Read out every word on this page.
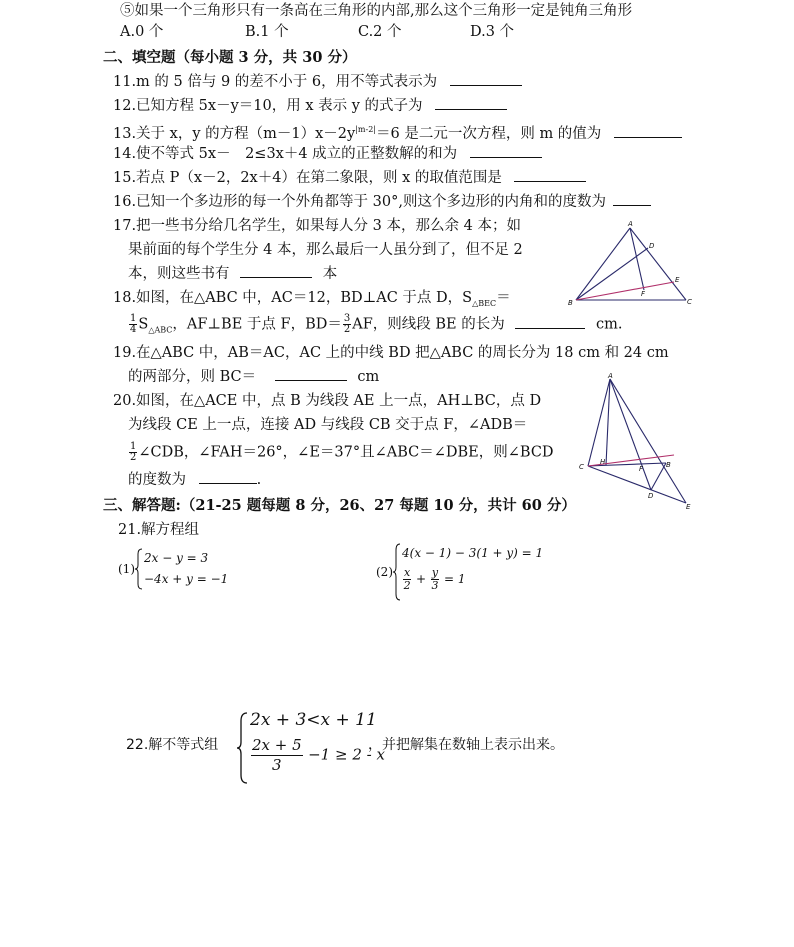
⑤如果一个三角形只有一条高在三角形的内部,那么这个三角形一定是钝角三角形
A.0 个	B.1 个	C.2 个	D.3 个
二、填空题（每小题 3 分，共 30 分）
11.m 的 5 倍与 9 的差不小于 6，用不等式表示为
12.已知方程 5x－y＝10，用 x 表示 y 的式子为
13.关于 x，y 的方程$(m-1)x-2y^{|m-2|}=6$ 是二元一次方程，则 m 的值为
14.使不等式 5x－　2≤3x＋4 成立的正整数解的和为
15.若点 P（x－2，2x＋4）在第二象限，则 x 的取值范围是
16.已知一个多边形的每一个外角都等于 30°,则这个多边形的内角和的度数为
17.把一些书分给几名学生，如果每人分 3 本，那么余 4 本；如
果前面的每个学生分 4 本，那么最后一人虽分到了，但不足 2
本，则这些书有	本
A
D
E
F
B	C
18.如图，在△ABC 中，AC＝12，BD⊥AC 于点 D，$S_{\triangle BEC}=$
$\frac{1}{4} S_{\triangle ABC}$，AF⊥BE 于点 F，$BD= \frac{3}{2}$ AF，则线段 BE 的长为	cm.
19.在△ABC 中，AB＝AC，AC 上的中线 BD 把△ABC 的周长分为 18 cm 和 24 cm
的两部分，则 BC＝	cm
20.如图，在△ACE 中，点 B 为线段 AE 上一点，AH⊥BC，点 D
为线段 CE 上一点，连接 AD 与线段 CB 交于点 F，∠ADB＝
$\frac{1}{2}$ ∠CDB，∠FAH＝26°，∠E＝37°且∠ABC＝∠DBE，则∠BCD
的度数为	.
A
H
F	B
C
D
E
三、解答题:（21-25 题每题 8 分，26、27 每题 10 分，共计 60 分）
21.解方程组
(1)
2x − y = 3
−4x + y = −1	(2)
4(x − 1) − 3(1 + y) = 1
$\frac{x}{2} + \frac{y}{3} = 1$
22.解不等式组
2x + 3<x + 11
$\frac{2x + 5}{3} -1 \ge 2 - x$
，并把解集在数轴上表示出来。
